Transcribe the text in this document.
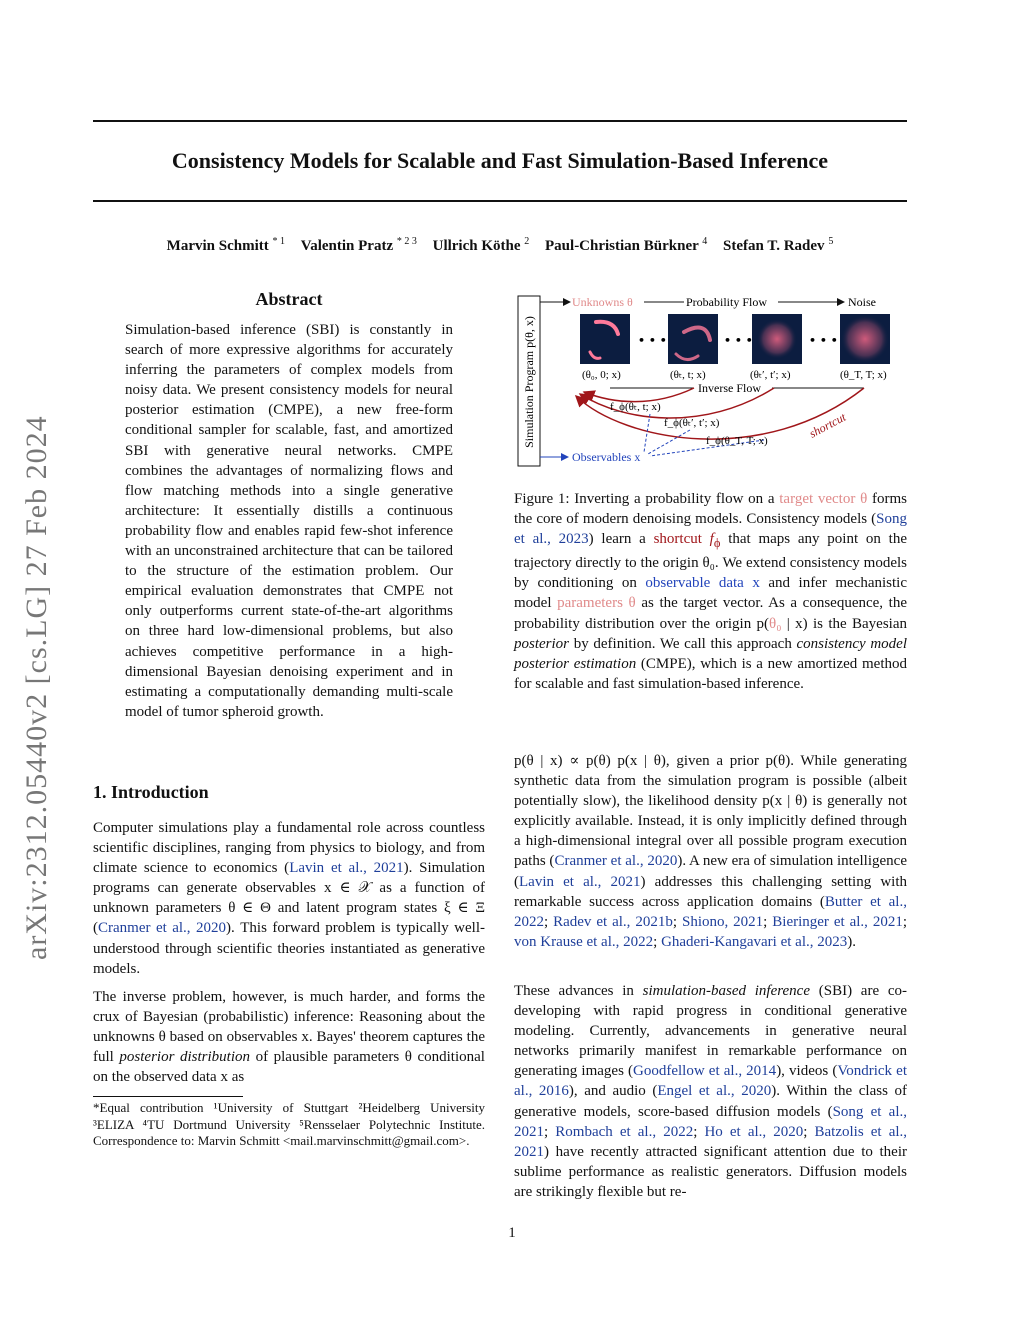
arXiv:2312.05440v2 [cs.LG] 27 Feb 2024
Consistency Models for Scalable and Fast Simulation-Based Inference
Marvin Schmitt $^{* 1}$ Valentin Pratz $^{* 2 3}$ Ullrich Köthe $^2$ Paul-Christian Bürkner $^4$ Stefan T. Radev $^5$
Abstract
Simulation-based inference (SBI) is constantly in search of more expressive algorithms for accurately inferring the parameters of complex models from noisy data. We present consistency models for neural posterior estimation (CMPE), a new free-form conditional sampler for scalable, fast, and amortized SBI with generative neural networks. CMPE combines the advantages of normalizing flows and flow matching methods into a single generative architecture: It essentially distills a continuous probability flow and enables rapid few-shot inference with an unconstrained architecture that can be tailored to the structure of the estimation problem. Our empirical evaluation demonstrates that CMPE not only outperforms current state-of-the-art algorithms on three hard low-dimensional problems, but also achieves competitive performance in a high-dimensional Bayesian denoising experiment and in estimating a computationally demanding multi-scale model of tumor spheroid growth.
1. Introduction
Computer simulations play a fundamental role across countless scientific disciplines, ranging from physics to biology, and from climate science to economics (Lavin et al., 2021). Simulation programs can generate observables x ∈ 𝒳 as a function of unknown parameters θ ∈ Θ and latent program states ξ ∈ Ξ (Cranmer et al., 2020). This forward problem is typically well-understood through scientific theories instantiated as generative models.
The inverse problem, however, is much harder, and forms the crux of Bayesian (probabilistic) inference: Reasoning about the unknowns θ based on observables x. Bayes' theorem captures the full posterior distribution of plausible parameters θ conditional on the observed data x as
*Equal contribution ¹University of Stuttgart ²Heidelberg University ³ELIZA ⁴TU Dortmund University ⁵Rensselaer Polytechnic Institute. Correspondence to: Marvin Schmitt <mail.marvinschmitt@gmail.com>.
Simulation Program p(θ, x)
Unknowns θ	Probability Flow	Noise
• • •	• • •	• • •
(θ₀, 0; x)	(θₜ, t; x)	(θₜ′, t′; x)	(θ_T, T; x)
Inverse Flow
shortcut
f_ϕ(θₜ, t; x)
f_ϕ(θₜ′, t′; x)
f_ϕ(θ_T, T; x)
Observables x
Figure 1: Inverting a probability flow on a target vector θ forms the core of modern denoising models. Consistency models (Song et al., 2023) learn a shortcut $f_\phi$ that maps any point on the trajectory directly to the origin θ₀. We extend consistency models by conditioning on observable data x and infer mechanistic model parameters θ as the target vector. As a consequence, the probability distribution over the origin p(θ₀ | x) is the Bayesian posterior by definition. We call this approach consistency model posterior estimation (CMPE), which is a new amortized method for scalable and fast simulation-based inference.
p(θ | x) ∝ p(θ) p(x | θ), given a prior p(θ). While generating synthetic data from the simulation program is possible (albeit potentially slow), the likelihood density p(x | θ) is generally not explicitly available. Instead, it is only implicitly defined through a high-dimensional integral over all possible program execution paths (Cranmer et al., 2020). A new era of simulation intelligence (Lavin et al., 2021) addresses this challenging setting with remarkable success across application domains (Butter et al., 2022; Radev et al., 2021b; Shiono, 2021; Bieringer et al., 2021; von Krause et al., 2022; Ghaderi-Kangavari et al., 2023).
These advances in simulation-based inference (SBI) are co-developing with rapid progress in conditional generative modeling. Currently, advancements in generative neural networks primarily manifest in remarkable performance on generating images (Goodfellow et al., 2014), videos (Vondrick et al., 2016), and audio (Engel et al., 2020). Within the class of generative models, score-based diffusion models (Song et al., 2021; Rombach et al., 2022; Ho et al., 2020; Batzolis et al., 2021) have recently attracted significant attention due to their sublime performance as realistic generators. Diffusion models are strikingly flexible but re-
1
